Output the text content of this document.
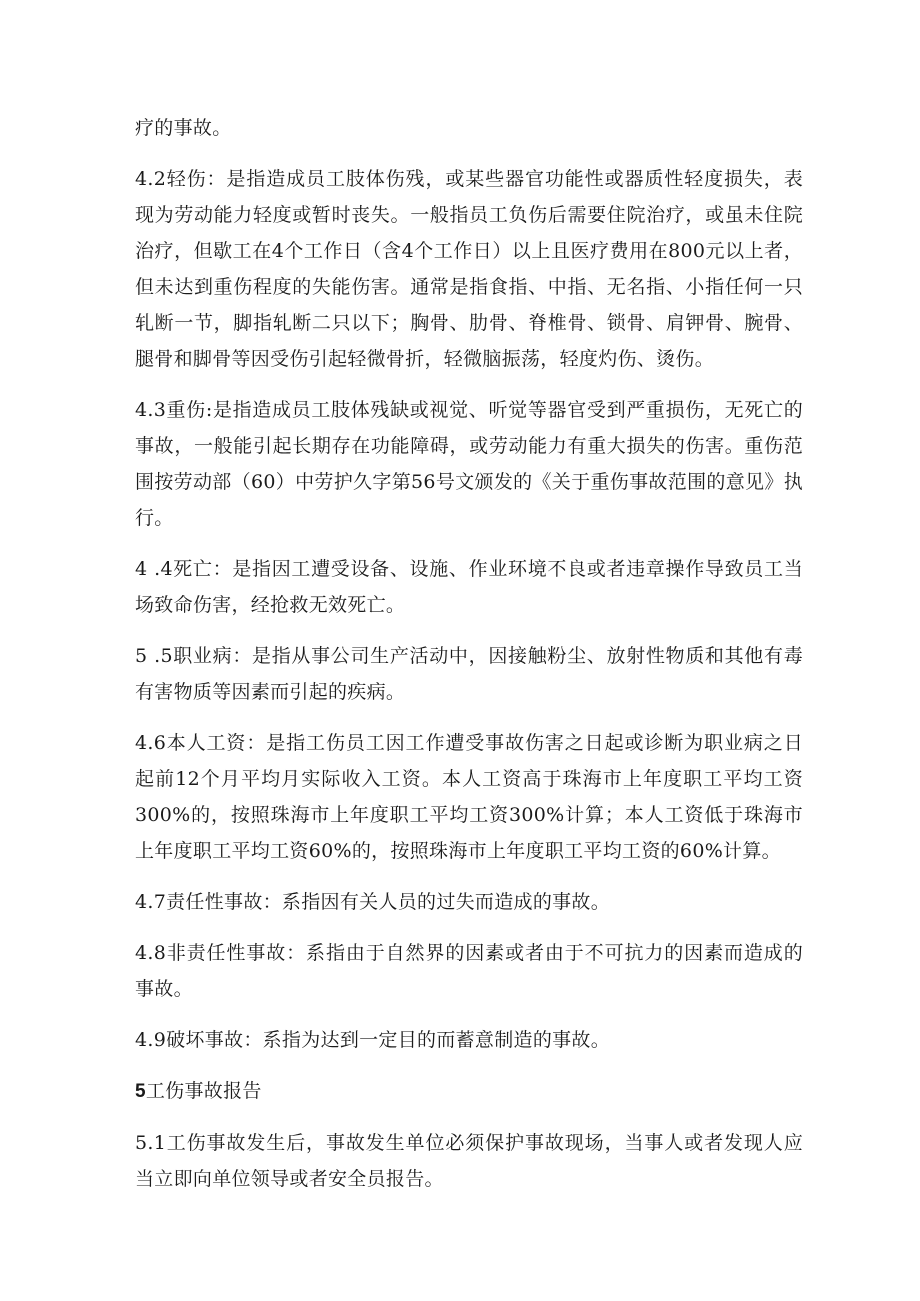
疗的事故。

4.2轻伤：是指造成员工肢体伤残，或某些器官功能性或器质性轻度损失，表现为劳动能力轻度或暂时丧失。一般指员工负伤后需要住院治疗，或虽未住院治疗，但歇工在4个工作日（含4个工作日）以上且医疗费用在800元以上者，但未达到重伤程度的失能伤害。通常是指食指、中指、无名指、小指任何一只轧断一节，脚指轧断二只以下；胸骨、肋骨、脊椎骨、锁骨、肩钾骨、腕骨、腿骨和脚骨等因受伤引起轻微骨折，轻微脑振荡，轻度灼伤、烫伤。

4.3重伤:是指造成员工肢体残缺或视觉、听觉等器官受到严重损伤，无死亡的事故，一般能引起长期存在功能障碍，或劳动能力有重大损失的伤害。重伤范围按劳动部（60）中劳护久字第56号文颁发的《关于重伤事故范围的意见》执行。

4 .4死亡：是指因工遭受设备、设施、作业环境不良或者违章操作导致员工当场致命伤害，经抢救无效死亡。

5 .5职业病：是指从事公司生产活动中，因接触粉尘、放射性物质和其他有毒有害物质等因素而引起的疾病。

4.6本人工资：是指工伤员工因工作遭受事故伤害之日起或诊断为职业病之日起前12个月平均月实际收入工资。本人工资高于珠海市上年度职工平均工资300%的，按照珠海市上年度职工平均工资300%计算；本人工资低于珠海市上年度职工平均工资60%的，按照珠海市上年度职工平均工资的60%计算。

4.7责任性事故：系指因有关人员的过失而造成的事故。

4.8非责任性事故：系指由于自然界的因素或者由于不可抗力的因素而造成的事故。

4.9破坏事故：系指为达到一定目的而蓄意制造的事故。

5工伤事故报告

5.1工伤事故发生后，事故发生单位必须保护事故现场，当事人或者发现人应当立即向单位领导或者安全员报告。
